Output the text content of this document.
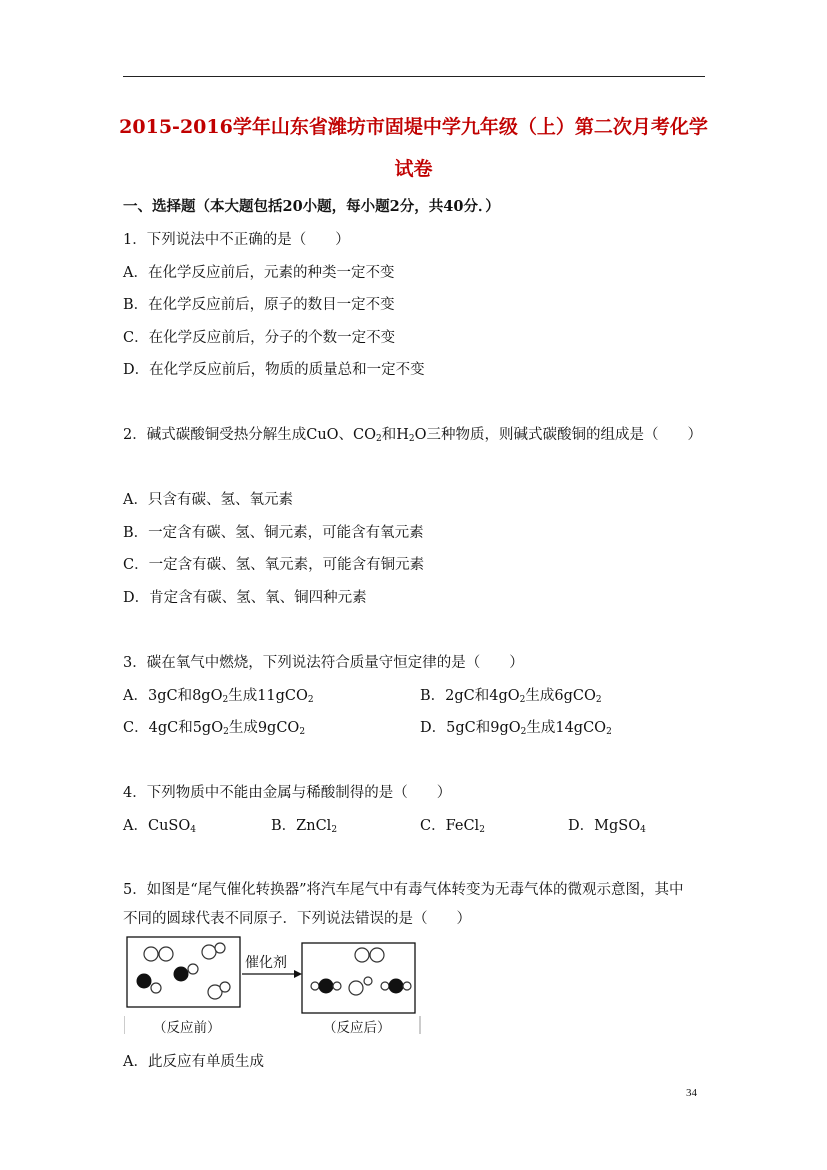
2015-2016学年山东省潍坊市固堤中学九年级（上）第二次月考化学
试卷
一、选择题（本大题包括20小题，每小题2分，共40分．）
1．下列说法中不正确的是（　　）
A．在化学反应前后，元素的种类一定不变
B．在化学反应前后，原子的数目一定不变
C．在化学反应前后，分子的个数一定不变
D．在化学反应前后，物质的质量总和一定不变
2．碱式碳酸铜受热分解生成CuO、$CO_2$和$H_2O$三种物质，则碱式碳酸铜的组成是（　　）
A．只含有碳、氢、氧元素
B．一定含有碳、氢、铜元素，可能含有氧元素
C．一定含有碳、氢、氧元素，可能含有铜元素
D．肯定含有碳、氢、氧、铜四种元素
3．碳在氧气中燃烧，下列说法符合质量守恒定律的是（　　）
A．3gC和$8gO_2$生成11gCO$_2$	B．2gC和$4gO_2$生成6gCO$_2$
C．4gC和$5gO_2$生成9gCO$_2$	D．5gC和$9gO_2$生成14gCO$_2$
4．下列物质中不能由金属与稀酸制得的是（　　）
A．CuSO$_4$	B．ZnCl$_2$	C．FeCl$_2$	D．MgSO$_4$
5．如图是“尾气催化转换器”将汽车尾气中有毒气体转变为无毒气体的微观示意图，其中
不同的圆球代表不同原子．下列说法错误的是（　　）
催化剂
（反应前）	（反应后）
A．此反应有单质生成
34
